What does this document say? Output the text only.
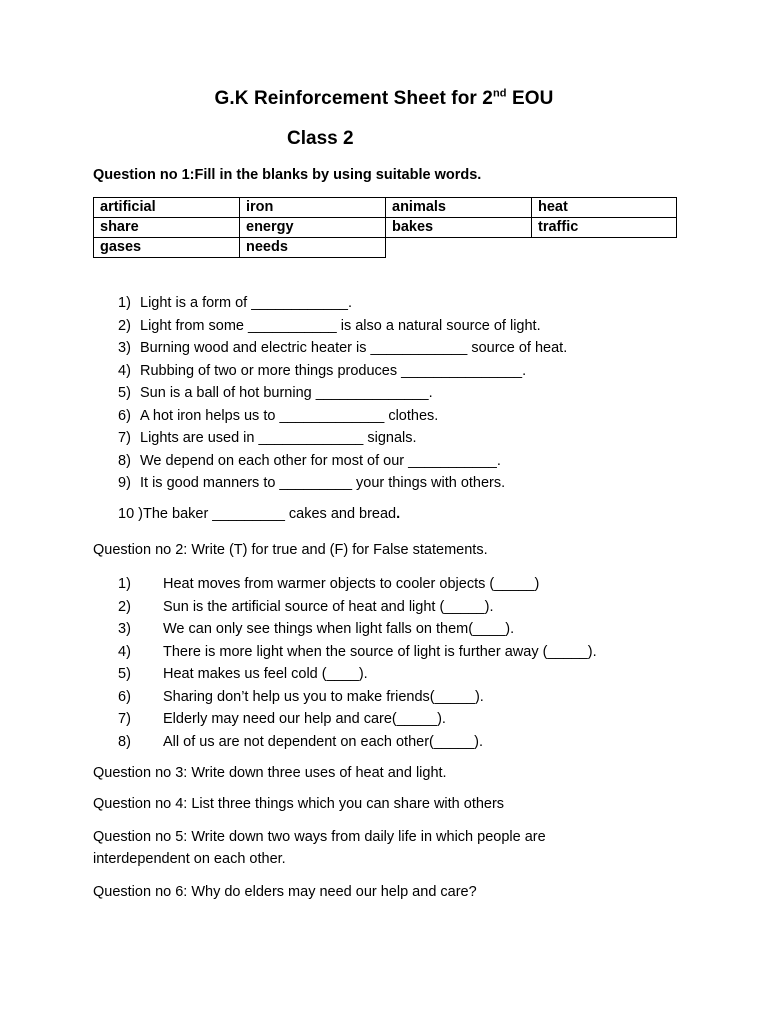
G.K Reinforcement Sheet for 2nd EOU
Class 2
Question no 1:Fill in the blanks by using suitable words.
artificial	iron	animals	heat
share	energy	bakes	traffic
gases	needs		
1) Light is a form of ____________.
2) Light from some ___________ is also a natural source of light.
3) Burning wood and electric heater is ____________ source of heat.
4) Rubbing of two or more things produces _______________.
5) Sun is a ball of hot burning ______________.
6) A hot iron helps us to _____________ clothes.
7) Lights are used in _____________ signals.
8) We depend on each other for most of our ___________.
9) It is good manners to _________ your things with others.
10 )The baker _________ cakes and bread.
Question no 2: Write (T) for true and (F) for False statements.
1) Heat moves from warmer objects to cooler objects (_____)
2) Sun is the artificial source of heat and light (_____).
3) We can only see things when light falls on them(____).
4) There is more light when the source of light is further away (_____).
5) Heat makes us feel cold (____).
6) Sharing don’t help us you to make friends(_____).
7) Elderly may need our help and care(_____).
8) All of us are not dependent on each other(_____).
Question no 3: Write down three uses of heat and light.
Question no 4: List three things which you can share with others
Question no 5: Write down two ways from daily life in which people are
interdependent on each other.
Question no 6: Why do elders may need our help and care?
